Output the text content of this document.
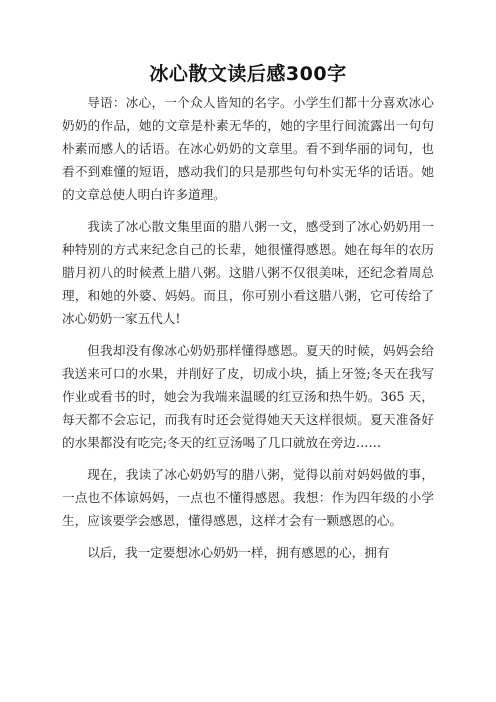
冰心散文读后感300字

导语：冰心，一个众人皆知的名字。小学生们都十分喜欢冰心奶奶的作品，她的文章是朴素无华的，她的字里行间流露出一句句朴素而感人的话语。在冰心奶奶的文章里。看不到华丽的词句，也看不到难懂的短语，感动我们的只是那些句句朴实无华的话语。她的文章总使人明白许多道理。

我读了冰心散文集里面的腊八粥一文，感受到了冰心奶奶用一种特别的方式来纪念自己的长辈，她很懂得感恩。她在每年的农历腊月初八的时候煮上腊八粥。这腊八粥不仅很美味，还纪念着周总理，和她的外婆、妈妈。而且，你可别小看这腊八粥，它可传给了冰心奶奶一家五代人!

但我却没有像冰心奶奶那样懂得感恩。夏天的时候，妈妈会给我送来可口的水果，并削好了皮，切成小块，插上牙签;冬天在我写作业或看书的时，她会为我端来温暖的红豆汤和热牛奶。365 天，每天都不会忘记，而我有时还会觉得她天天这样很烦。夏天准备好的水果都没有吃完;冬天的红豆汤喝了几口就放在旁边……

现在，我读了冰心奶奶写的腊八粥，觉得以前对妈妈做的事，一点也不体谅妈妈，一点也不懂得感恩。我想：作为四年级的小学生，应该要学会感恩，懂得感恩，这样才会有一颗感恩的心。

以后，我一定要想冰心奶奶一样，拥有感恩的心，拥有
